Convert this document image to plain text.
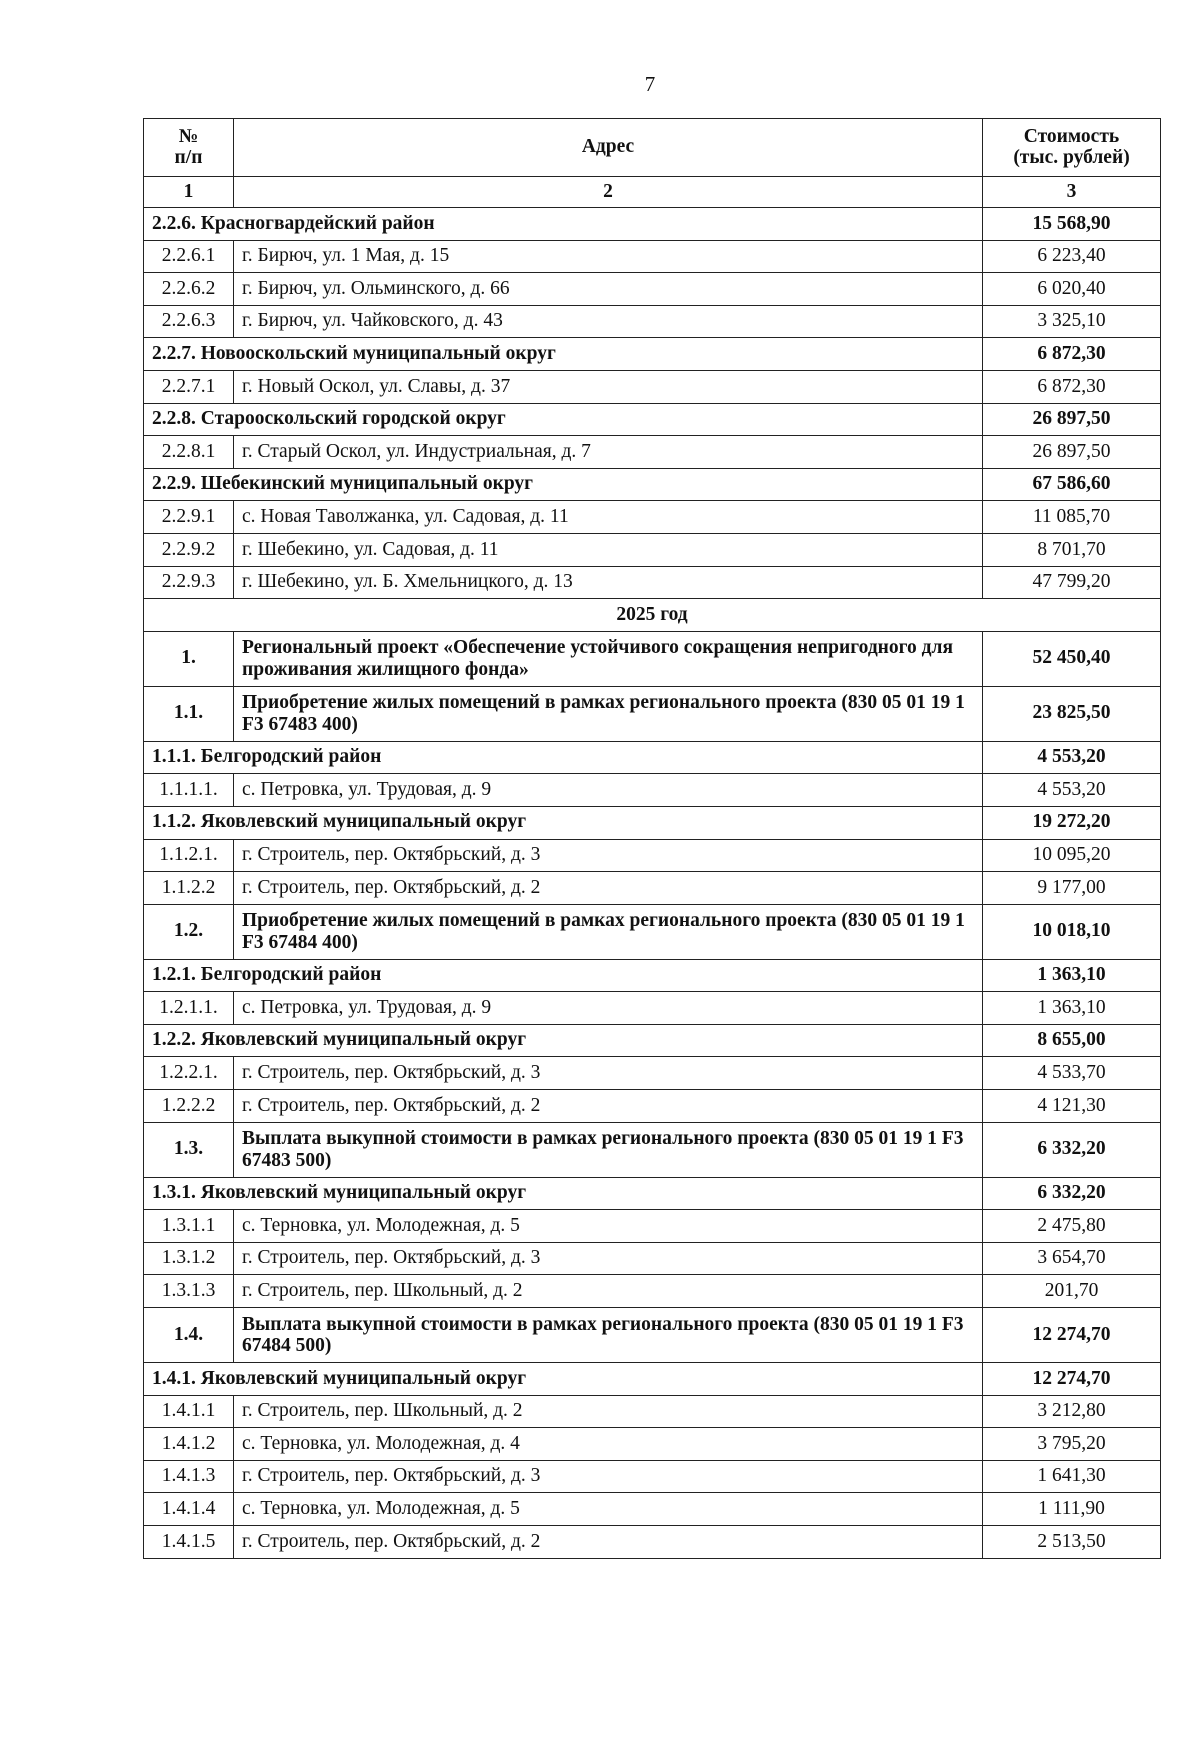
7
№
п/п	Адрес	Стоимость
(тыс. рублей)
1	2	3
2.2.6. Красногвардейский район		15 568,90
2.2.6.1	г. Бирюч, ул. 1 Мая, д. 15	6 223,40
2.2.6.2	г. Бирюч, ул. Ольминского, д. 66	6 020,40
2.2.6.3	г. Бирюч, ул. Чайковского, д. 43	3 325,10
2.2.7. Новооскольский муниципальный округ		6 872,30
2.2.7.1	г. Новый Оскол, ул. Славы, д. 37	6 872,30
2.2.8. Старооскольский городской округ		26 897,50
2.2.8.1	г. Старый Оскол, ул. Индустриальная, д. 7	26 897,50
2.2.9. Шебекинский муниципальный округ		67 586,60
2.2.9.1	с. Новая Таволжанка, ул. Садовая, д. 11	11 085,70
2.2.9.2	г. Шебекино, ул. Садовая, д. 11	8 701,70
2.2.9.3	г. Шебекино, ул. Б. Хмельницкого, д. 13	47 799,20
2025 год		
1.	Региональный проект «Обеспечение устойчивого сокращения непригодного для проживания жилищного фонда»	52 450,40
1.1.	Приобретение жилых помещений в рамках регионального проекта (830 05 01 19 1 F3 67483 400)	23 825,50
1.1.1. Белгородский район		4 553,20
1.1.1.1.	с. Петровка, ул. Трудовая, д. 9	4 553,20
1.1.2. Яковлевский муниципальный округ		19 272,20
1.1.2.1.	г. Строитель, пер. Октябрьский, д. 3	10 095,20
1.1.2.2	г. Строитель, пер. Октябрьский, д. 2	9 177,00
1.2.	Приобретение жилых помещений в рамках регионального проекта (830 05 01 19 1 F3 67484 400)	10 018,10
1.2.1. Белгородский район		1 363,10
1.2.1.1.	с. Петровка, ул. Трудовая, д. 9	1 363,10
1.2.2. Яковлевский муниципальный округ		8 655,00
1.2.2.1.	г. Строитель, пер. Октябрьский, д. 3	4 533,70
1.2.2.2	г. Строитель, пер. Октябрьский, д. 2	4 121,30
1.3.	Выплата выкупной стоимости в рамках регионального проекта (830 05 01 19 1 F3 67483 500)	6 332,20
1.3.1. Яковлевский муниципальный округ		6 332,20
1.3.1.1	с. Терновка, ул. Молодежная, д. 5	2 475,80
1.3.1.2	г. Строитель, пер. Октябрьский, д. 3	3 654,70
1.3.1.3	г. Строитель, пер. Школьный, д. 2	201,70
1.4.	Выплата выкупной стоимости в рамках регионального проекта (830 05 01 19 1 F3 67484 500)	12 274,70
1.4.1. Яковлевский муниципальный округ		12 274,70
1.4.1.1	г. Строитель, пер. Школьный, д. 2	3 212,80
1.4.1.2	с. Терновка, ул. Молодежная, д. 4	3 795,20
1.4.1.3	г. Строитель, пер. Октябрьский, д. 3	1 641,30
1.4.1.4	с. Терновка, ул. Молодежная, д. 5	1 111,90
1.4.1.5	г. Строитель, пер. Октябрьский, д. 2	2 513,50
